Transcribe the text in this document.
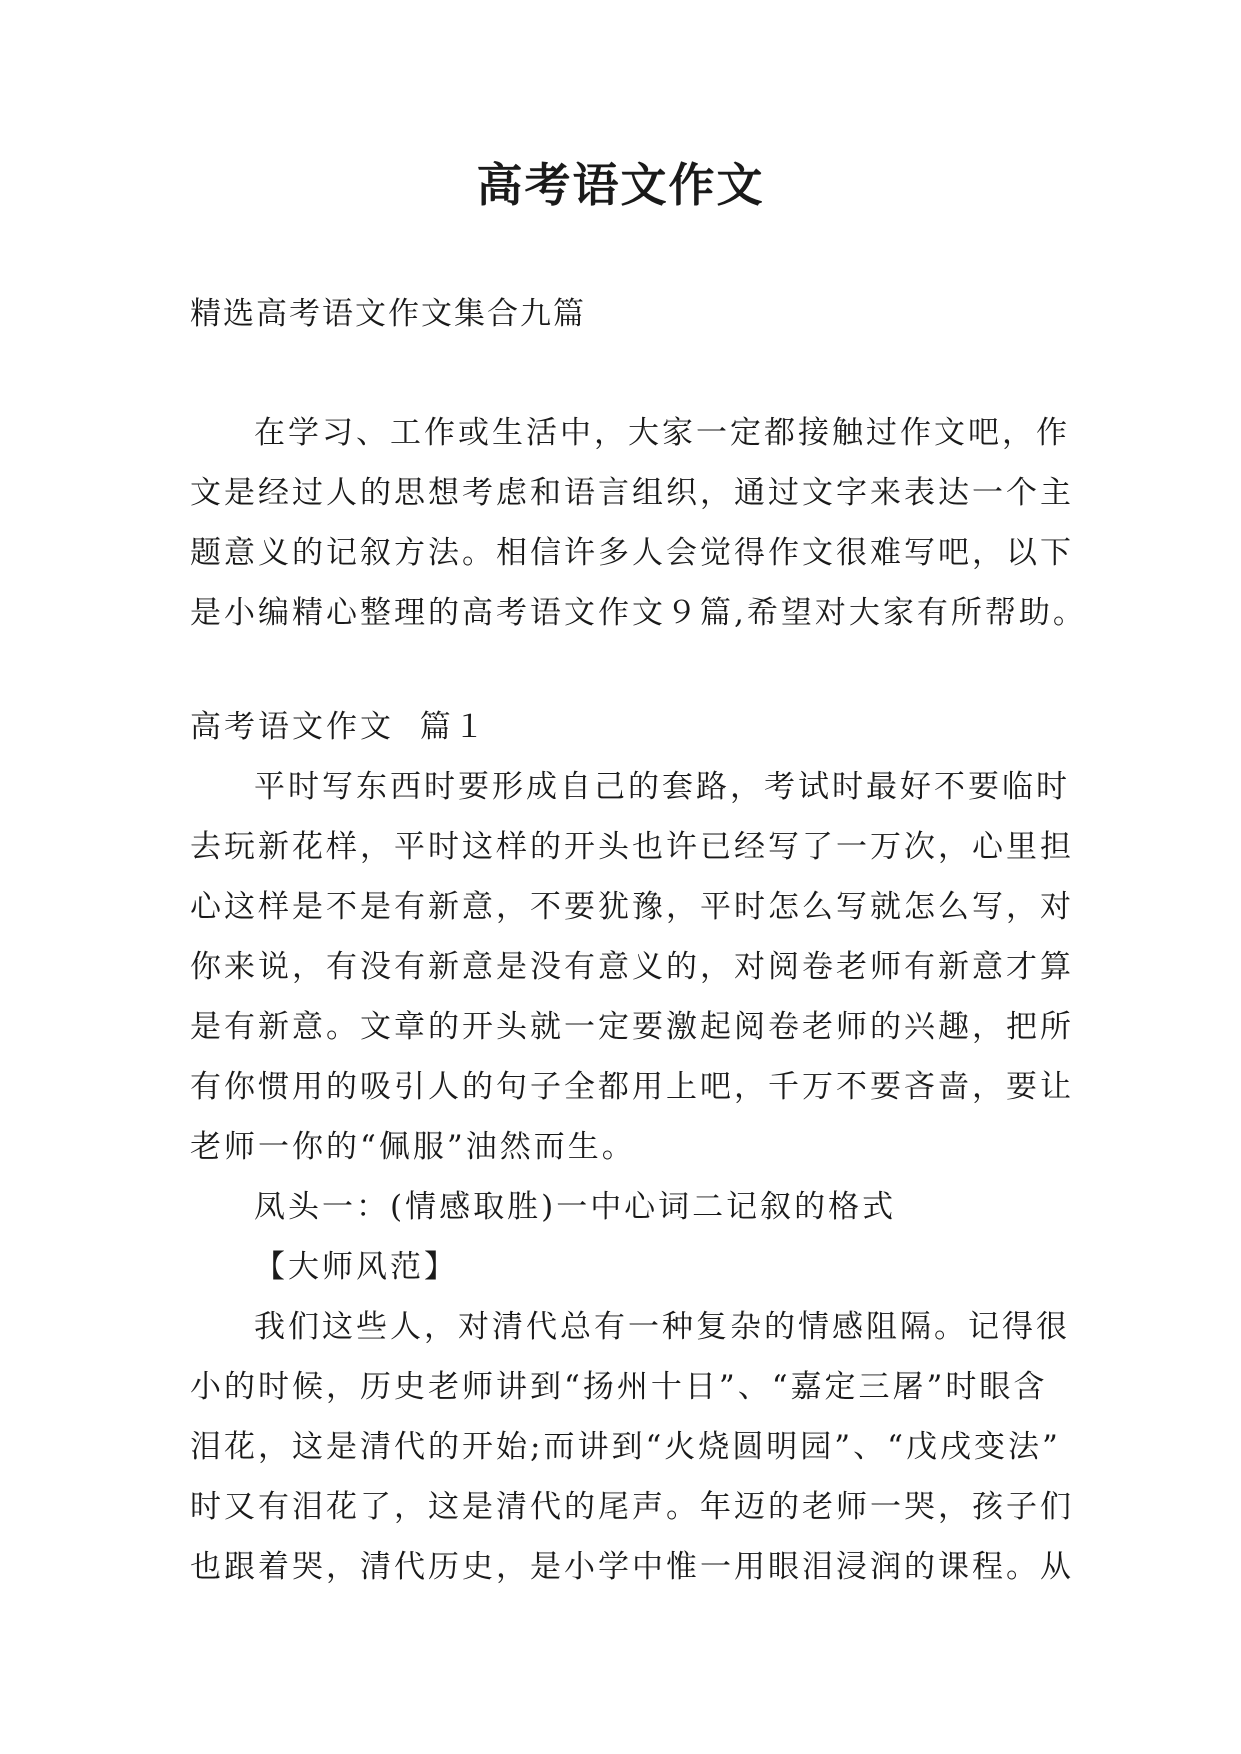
高考语文作文
精选高考语文作文集合九篇
在学习、工作或生活中，大家一定都接触过作文吧，作
文是经过人的思想考虑和语言组织，通过文字来表达一个主
题意义的记叙方法。相信许多人会觉得作文很难写吧，以下
是小编精心整理的高考语文作文９篇,希望对大家有所帮助。
高考语文作文  篇１
平时写东西时要形成自己的套路，考试时最好不要临时
去玩新花样，平时这样的开头也许已经写了一万次，心里担
心这样是不是有新意，不要犹豫，平时怎么写就怎么写，对
你来说，有没有新意是没有意义的，对阅卷老师有新意才算
是有新意。文章的开头就一定要激起阅卷老师的兴趣，把所
有你惯用的吸引人的句子全都用上吧，千万不要吝啬，要让
老师一你的“佩服”油然而生。
凤头一：(情感取胜)一中心词二记叙的格式
【大师风范】
我们这些人，对清代总有一种复杂的情感阻隔。记得很
小的时候，历史老师讲到“扬州十日”、“嘉定三屠”时眼含
泪花，这是清代的开始;而讲到“火烧圆明园”、“戊戌变法”
时又有泪花了，这是清代的尾声。年迈的老师一哭，孩子们
也跟着哭，清代历史，是小学中惟一用眼泪浸润的课程。从
